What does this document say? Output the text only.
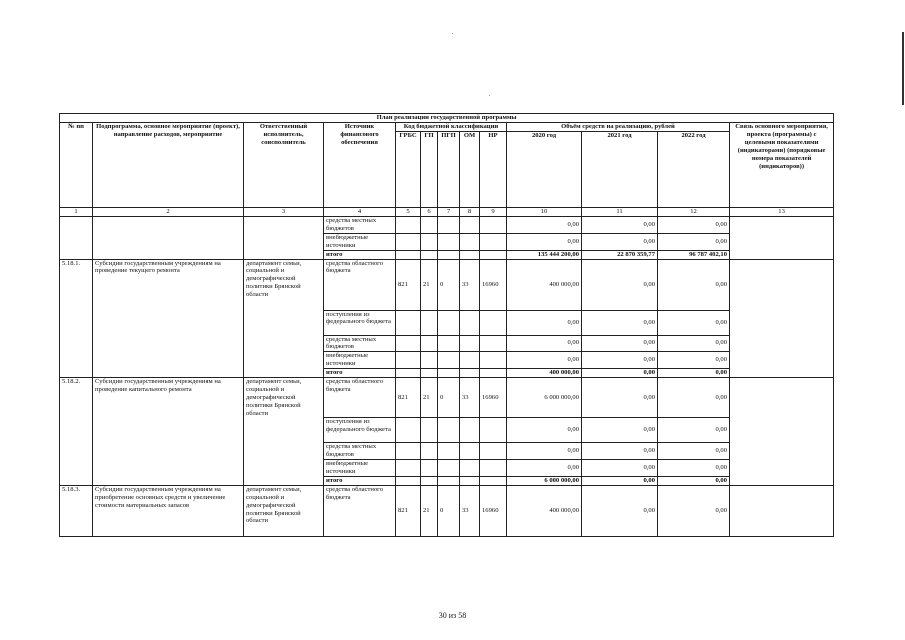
План реализации государственной программы												
№ пп	Подпрограмма, основное мероприятие (проект), направление расходов, мероприятие	Ответственный исполнитель, соисполнитель	Источник финансового обеспечения	Код бюджетной классификации					Объём средств на реализацию, рублей			Связь основного мероприятия, проекта (программы) с целевыми показателями (индикаторами) (порядковые номера показателей (индикаторов))
				ГРБС	ГП	ПГП	ОМ	НР	2020 год	2021 год	2022 год	
1	2	3	4	5	6	7	8	9	10	11	12	13
			средства местных бюджетов						0,00	0,00	0,00	
			внебюджетные источники						0,00	0,00	0,00	
			итого						135 444 200,00	22 870 359,77	96 787 402,10	
5.18.1.	Субсидии государственным учреждениям на проведение текущего ремонта	департамент семьи, социальной и демографической политики Брянской области	средства областного бюджета	821	21	0	33	16960	400 000,00	0,00	0,00	
			поступления из федерального бюджета						0,00	0,00	0,00	
			средства местных бюджетов						0,00	0,00	0,00	
			внебюджетные источники						0,00	0,00	0,00	
			итого						400 000,00	0,00	0,00	
5.18.2.	Субсидии государственным учреждениям на проведение капитального ремонта	департамент семьи, социальной и демографической политики Брянской области	средства областного бюджета	821	21	0	33	16960	6 000 000,00	0,00	0,00	
			поступления из федерального бюджета						0,00	0,00	0,00	
			средства местных бюджетов						0,00	0,00	0,00	
			внебюджетные источники						0,00	0,00	0,00	
			итого						6 000 000,00	0,00	0,00	
5.18.3.	Субсидии государственным учреждениям на приобретение основных средств и увеличение стоимости материальных запасов	департамент семьи, социальной и демографической политики Брянской области	средства областного бюджета	821	21	0	33	16960	400 000,00	0,00	0,00	
30 из 58
